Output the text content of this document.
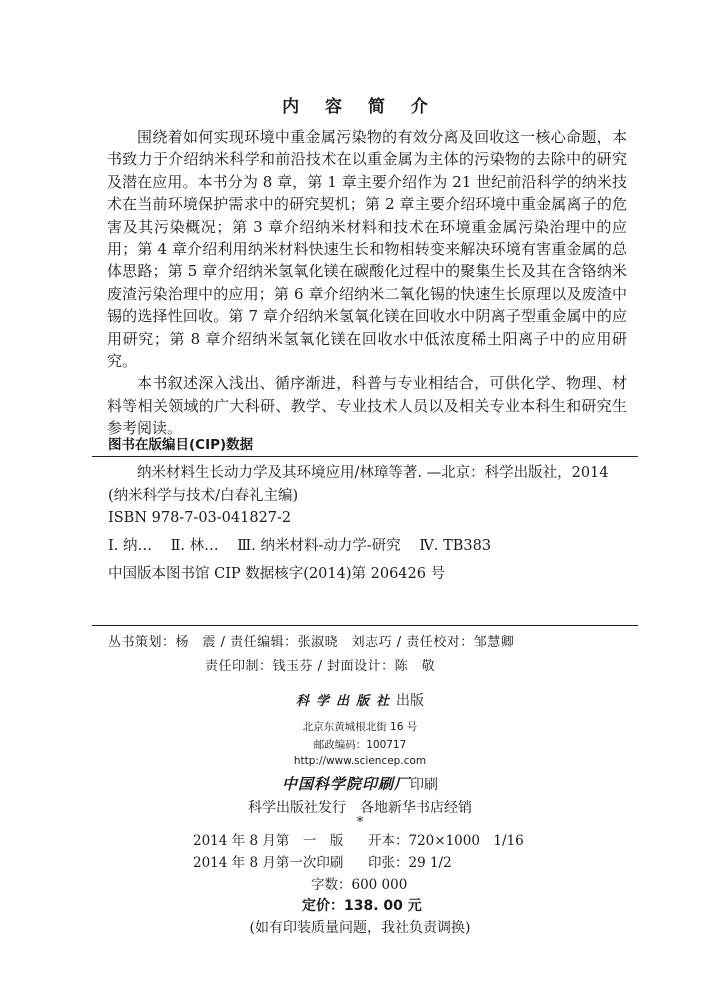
内 容 简 介

围绕着如何实现环境中重金属污染物的有效分离及回收这一核心命题，本书致力于介绍纳米科学和前沿技术在以重金属为主体的污染物的去除中的研究及潜在应用。本书分为 8 章，第 1 章主要介绍作为 21 世纪前沿科学的纳米技术在当前环境保护需求中的研究契机；第 2 章主要介绍环境中重金属离子的危害及其污染概况；第 3 章介绍纳米材料和技术在环境重金属污染治理中的应用；第 4 章介绍利用纳米材料快速生长和物相转变来解决环境有害重金属的总体思路；第 5 章介绍纳米氢氧化镁在碳酸化过程中的聚集生长及其在含铬纳米废渣污染治理中的应用；第 6 章介绍纳米二氧化锡的快速生长原理以及废渣中锡的选择性回收。第 7 章介绍纳米氢氧化镁在回收水中阴离子型重金属中的应用研究；第 8 章介绍纳米氢氧化镁在回收水中低浓度稀土阳离子中的应用研究。

本书叙述深入浅出、循序渐进，科普与专业相结合，可供化学、物理、材料等相关领域的广大科研、教学、专业技术人员以及相关专业本科生和研究生参考阅读。

图书在版编目(CIP)数据

纳米材料生长动力学及其环境应用/林璋等著. —北京：科学出版社，2014

(纳米科学与技术/白春礼主编)

ISBN 978-7-03-041827-2

Ⅰ. 纳… Ⅱ. 林… Ⅲ. 纳米材料-动力学-研究 Ⅳ. TB383

中国版本图书馆 CIP 数据核字(2014)第 206426 号

丛书策划：杨　震 / 责任编辑：张淑晓　刘志巧 / 责任校对：邹慧卿

责任印制：钱玉芬 / 封面设计：陈　敬

科学出版社出版
北京东黄城根北街 16 号
邮政编码：100717
http://www.sciencep.com
中国科学院印刷厂印刷
科学出版社发行　各地新华书店经销
*
2014 年 8 月第　一　版 开本：720×1000　1/16
2014 年 8 月第一次印刷 印张：29 1/2
字数：600 000
定价：138. 00 元
(如有印装质量问题，我社负责调换)
